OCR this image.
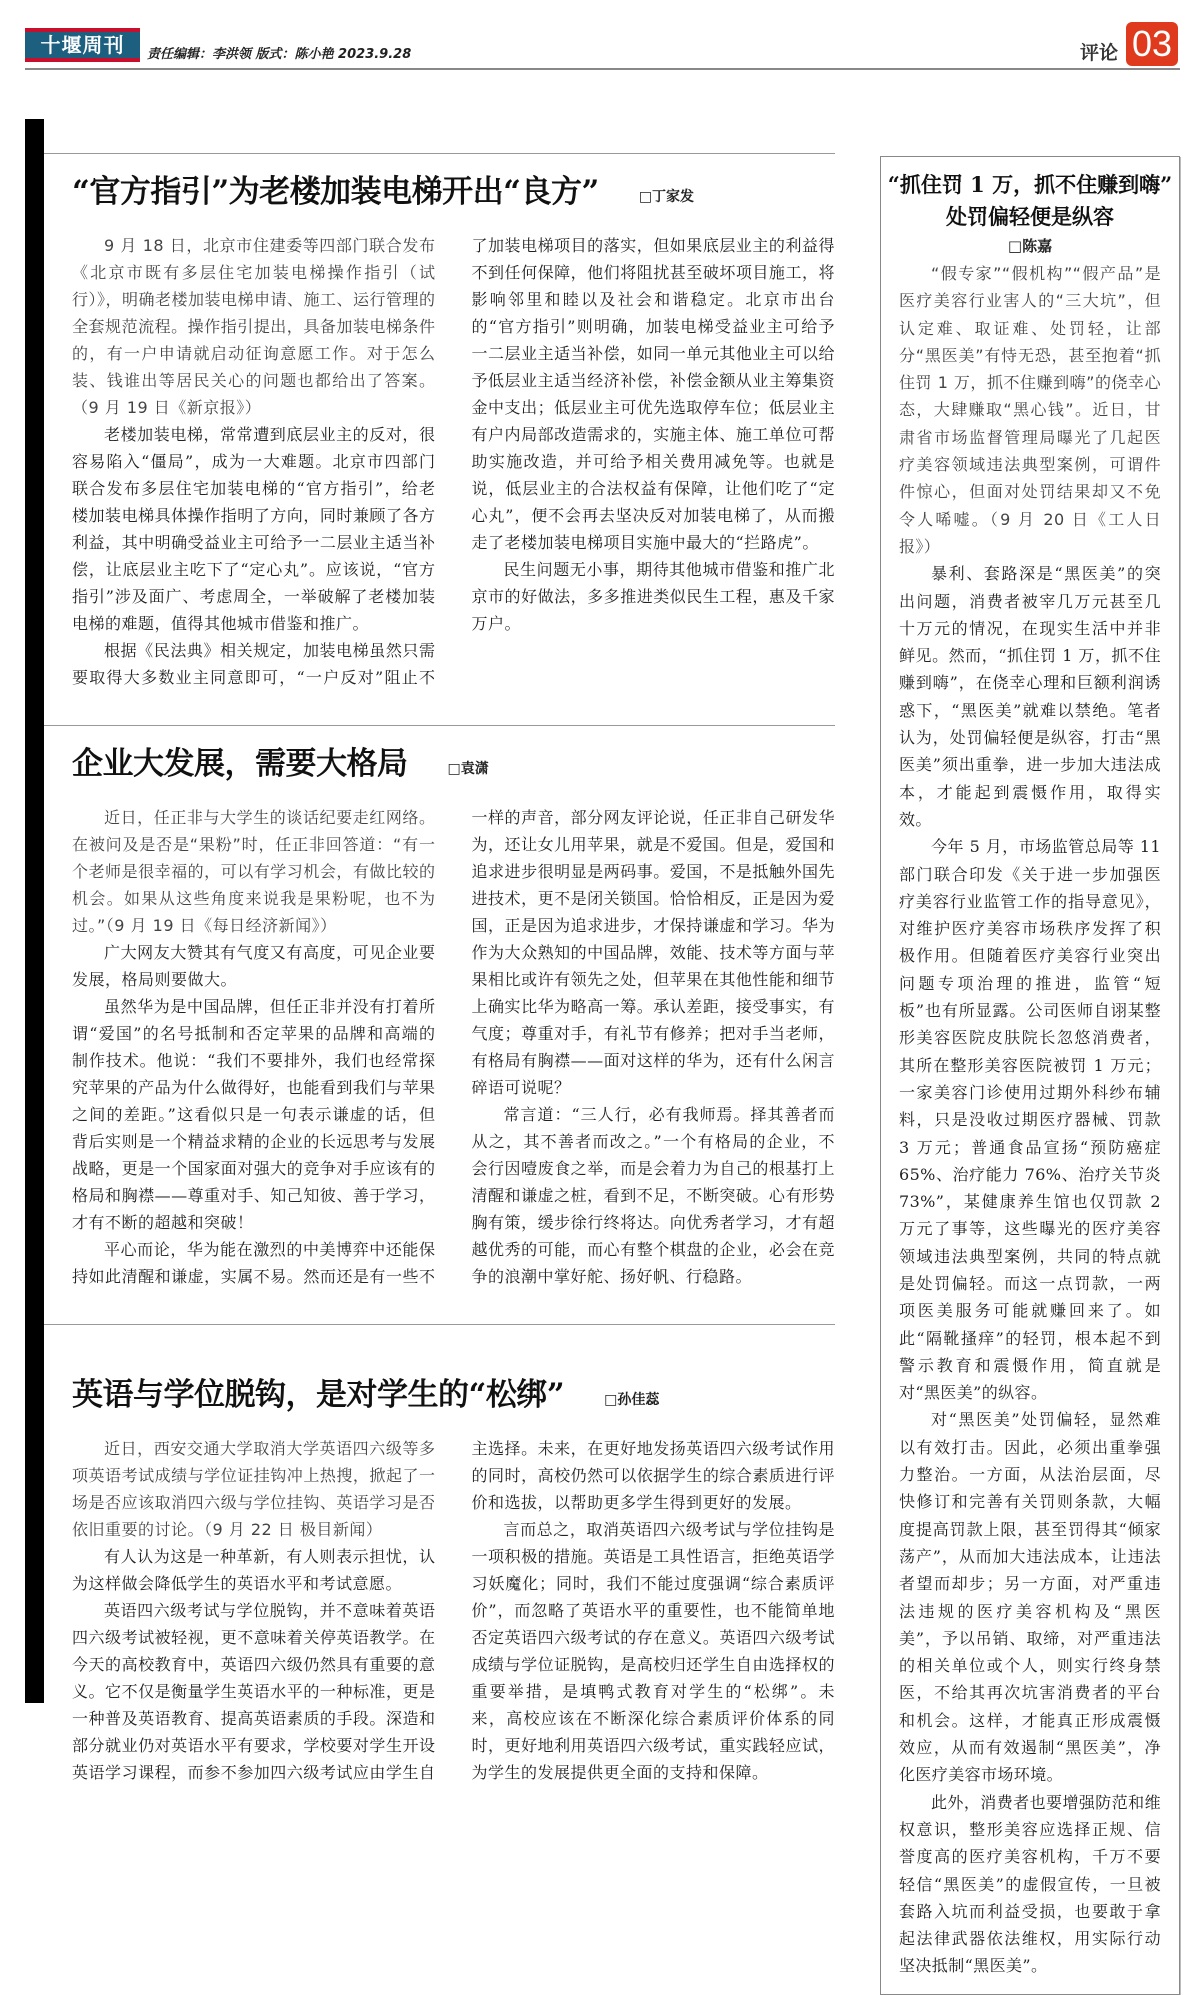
十堰周刊	责任编辑：李洪领 版式：陈小艳 2023.9.28	评论 03
“官方指引”为老楼加装电梯开出“良方”	□丁家发

9 月 18 日，北京市住建委等四部门联合发布《北京市既有多层住宅加装电梯操作指引（试行）》，明确老楼加装电梯申请、施工、运行管理的全套规范流程。操作指引提出，具备加装电梯条件的，有一户申请就启动征询意愿工作。对于怎么装、钱谁出等居民关心的问题也都给出了答案。（9 月 19 日《新京报》）

老楼加装电梯，常常遭到底层业主的反对，很容易陷入“僵局”，成为一大难题。北京市四部门联合发布多层住宅加装电梯的“官方指引”，给老楼加装电梯具体操作指明了方向，同时兼顾了各方利益，其中明确受益业主可给予一二层业主适当补偿，让底层业主吃下了“定心丸”。应该说，“官方指引”涉及面广、考虑周全，一举破解了老楼加装电梯的难题，值得其他城市借鉴和推广。

根据《民法典》相关规定，加装电梯虽然只需要取得大多数业主同意即可，“一户反对”阻止不了加装电梯项目的落实，但如果底层业主的利益得不到任何保障，他们将阻扰甚至破坏项目施工，将影响邻里和睦以及社会和谐稳定。北京市出台的“官方指引”则明确，加装电梯受益业主可给予一二层业主适当补偿，如同一单元其他业主可以给予低层业主适当经济补偿，补偿金额从业主筹集资金中支出；低层业主可优先选取停车位；低层业主有户内局部改造需求的，实施主体、施工单位可帮助实施改造，并可给予相关费用减免等。也就是说，低层业主的合法权益有保障，让他们吃了“定心丸”，便不会再去坚决反对加装电梯了，从而搬走了老楼加装电梯项目实施中最大的“拦路虎”。

民生问题无小事，期待其他城市借鉴和推广北京市的好做法，多多推进类似民生工程，惠及千家万户。

企业大发展，需要大格局	□袁潇

近日，任正非与大学生的谈话纪要走红网络。在被问及是否是“果粉”时，任正非回答道：“有一个老师是很幸福的，可以有学习机会，有做比较的机会。如果从这些角度来说我是果粉呢，也不为过。”（9 月 19 日《每日经济新闻》）

广大网友大赞其有气度又有高度，可见企业要发展，格局则要做大。

虽然华为是中国品牌，但任正非并没有打着所谓“爱国”的名号抵制和否定苹果的品牌和高端的制作技术。他说：“我们不要排外，我们也经常探究苹果的产品为什么做得好，也能看到我们与苹果之间的差距。”这看似只是一句表示谦虚的话，但背后实则是一个精益求精的企业的长远思考与发展战略，更是一个国家面对强大的竞争对手应该有的格局和胸襟——尊重对手、知己知彼、善于学习，才有不断的超越和突破！

平心而论，华为能在激烈的中美博弈中还能保持如此清醒和谦虚，实属不易。然而还是有一些不一样的声音，部分网友评论说，任正非自己研发华为，还让女儿用苹果，就是不爱国。但是，爱国和追求进步很明显是两码事。爱国，不是抵触外国先进技术，更不是闭关锁国。恰恰相反，正是因为爱国，正是因为追求进步，才保持谦虚和学习。华为作为大众熟知的中国品牌，效能、技术等方面与苹果相比或许有领先之处，但苹果在其他性能和细节上确实比华为略高一筹。承认差距，接受事实，有气度；尊重对手，有礼节有修养；把对手当老师，有格局有胸襟——面对这样的华为，还有什么闲言碎语可说呢？

常言道：“三人行，必有我师焉。择其善者而从之，其不善者而改之。”一个有格局的企业，不会行因噎废食之举，而是会着力为自己的根基打上清醒和谦虚之桩，看到不足，不断突破。心有形势胸有策，缓步徐行终将达。向优秀者学习，才有超越优秀的可能，而心有整个棋盘的企业，必会在竞争的浪潮中掌好舵、扬好帆、行稳路。

英语与学位脱钩，是对学生的“松绑”	□孙佳蕊

近日，西安交通大学取消大学英语四六级等多项英语考试成绩与学位证挂钩冲上热搜，掀起了一场是否应该取消四六级与学位挂钩、英语学习是否依旧重要的讨论。（9 月 22 日 极目新闻）

有人认为这是一种革新，有人则表示担忧，认为这样做会降低学生的英语水平和考试意愿。

英语四六级考试与学位脱钩，并不意味着英语四六级考试被轻视，更不意味着关停英语教学。在今天的高校教育中，英语四六级仍然具有重要的意义。它不仅是衡量学生英语水平的一种标准，更是一种普及英语教育、提高英语素质的手段。深造和部分就业仍对英语水平有要求，学校要对学生开设英语学习课程，而参不参加四六级考试应由学生自主选择。未来，在更好地发扬英语四六级考试作用的同时，高校仍然可以依据学生的综合素质进行评价和选拔，以帮助更多学生得到更好的发展。

言而总之，取消英语四六级考试与学位挂钩是一项积极的措施。英语是工具性语言，拒绝英语学习妖魔化；同时，我们不能过度强调“综合素质评价”，而忽略了英语水平的重要性，也不能简单地否定英语四六级考试的存在意义。英语四六级考试成绩与学位证脱钩，是高校归还学生自由选择权的重要举措，是填鸭式教育对学生的“松绑”。未来，高校应该在不断深化综合素质评价体系的同时，更好地利用英语四六级考试，重实践轻应试，为学生的发展提供更全面的支持和保障。

“抓住罚 1 万，抓不住赚到嗨”
处罚偏轻便是纵容
□陈嘉

“假专家”“假机构”“假产品”是医疗美容行业害人的“三大坑”，但认定难、取证难、处罚轻，让部分“黑医美”有恃无恐，甚至抱着“抓住罚 1 万，抓不住赚到嗨”的侥幸心态，大肆赚取“黑心钱”。近日，甘肃省市场监督管理局曝光了几起医疗美容领域违法典型案例，可谓件件惊心，但面对处罚结果却又不免令人唏嘘。（9 月 20 日《工人日报》）

暴利、套路深是“黑医美”的突出问题，消费者被宰几万元甚至几十万元的情况，在现实生活中并非鲜见。然而，“抓住罚 1 万，抓不住赚到嗨”，在侥幸心理和巨额利润诱惑下，“黑医美”就难以禁绝。笔者认为，处罚偏轻便是纵容，打击“黑医美”须出重拳，进一步加大违法成本，才能起到震慑作用，取得实效。

今年 5 月，市场监管总局等 11 部门联合印发《关于进一步加强医疗美容行业监管工作的指导意见》，对维护医疗美容市场秩序发挥了积极作用。但随着医疗美容行业突出问题专项治理的推进，监管“短板”也有所显露。公司医师自诩某整形美容医院皮肤院长忽悠消费者，其所在整形美容医院被罚 1 万元；一家美容门诊使用过期外科纱布辅料，只是没收过期医疗器械、罚款 3 万元；普通食品宣扬“预防癌症 65%、治疗能力 76%、治疗关节炎 73%”，某健康养生馆也仅罚款 2 万元了事等，这些曝光的医疗美容领域违法典型案例，共同的特点就是处罚偏轻。而这一点罚款，一两项医美服务可能就赚回来了。如此“隔靴搔痒”的轻罚，根本起不到警示教育和震慑作用，简直就是对“黑医美”的纵容。

对“黑医美”处罚偏轻，显然难以有效打击。因此，必须出重拳强力整治。一方面，从法治层面，尽快修订和完善有关罚则条款，大幅度提高罚款上限，甚至罚得其“倾家荡产”，从而加大违法成本，让违法者望而却步；另一方面，对严重违法违规的医疗美容机构及“黑医美”，予以吊销、取缔，对严重违法的相关单位或个人，则实行终身禁医，不给其再次坑害消费者的平台和机会。这样，才能真正形成震慑效应，从而有效遏制“黑医美”，净化医疗美容市场环境。

此外，消费者也要增强防范和维权意识，整形美容应选择正规、信誉度高的医疗美容机构，千万不要轻信“黑医美”的虚假宣传，一旦被套路入坑而利益受损，也要敢于拿起法律武器依法维权，用实际行动坚决抵制“黑医美”。
